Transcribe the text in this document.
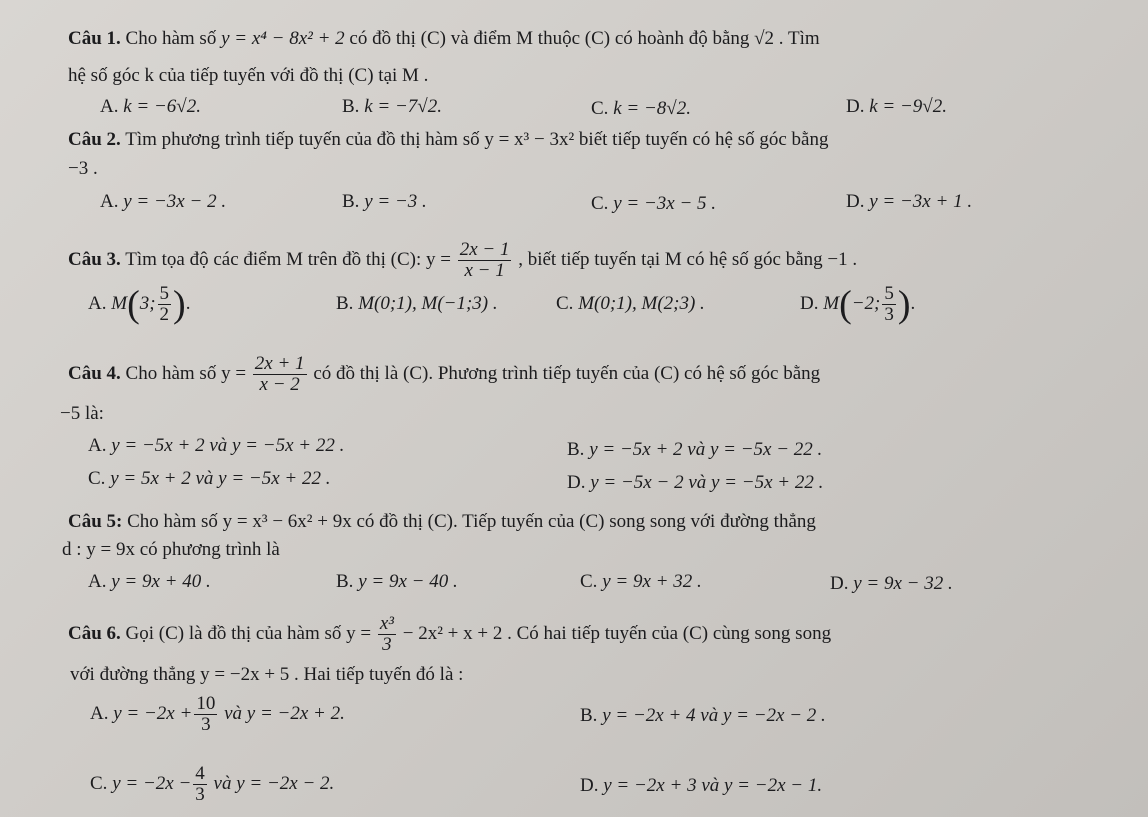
Câu 1. Cho hàm số y = x⁴ − 8x² + 2 có đồ thị (C) và điểm M thuộc (C) có hoành độ bằng √2 . Tìm
hệ số góc k của tiếp tuyến với đồ thị (C) tại M .
A. k = −6√2.	B. k = −7√2.	C. k = −8√2.	D. k = −9√2.
Câu 2. Tìm phương trình tiếp tuyến của đồ thị hàm số y = x³ − 3x² biết tiếp tuyến có hệ số góc bằng
−3 .
A. y = −3x − 2 .	B. y = −3 .	C. y = −3x − 5 .	D. y = −3x + 1 .
Câu 3. Tìm tọa độ các điểm M trên đồ thị (C): $y = \frac{2x - 1}{x - 1}$ , biết tiếp tuyến tại M có hệ số góc bằng −1 .
A. M(3; $\frac{5}{2}$ ).	B. M(0;1), M(−1;3) .	C. M(0;1), M(2;3) .	D. M(−2; $\frac{5}{3}$ ).
Câu 4. Cho hàm số $y = \frac{2x + 1}{x - 2}$ có đồ thị là (C). Phương trình tiếp tuyến của (C) có hệ số góc bằng
−5 là:
A. y = −5x + 2 và y = −5x + 22 .	B. y = −5x + 2 và y = −5x − 22 .
C. y = 5x + 2 và y = −5x + 22 .	D. y = −5x − 2 và y = −5x + 22 .
Câu 5: Cho hàm số y = x³ − 6x² + 9x có đồ thị (C). Tiếp tuyến của (C) song song với đường thẳng
d : y = 9x có phương trình là
A. y = 9x + 40 .	B. y = 9x − 40 .	C. y = 9x + 32 .	D. y = 9x − 32 .
Câu 6. Gọi (C) là đồ thị của hàm số $y = \frac{\text{x³}}{3} - 2x^2 + x + 2$ . Có hai tiếp tuyến của (C) cùng song song
với đường thẳng y = −2x + 5 . Hai tiếp tuyến đó là :
A. $y = -2x + \frac{10}{3}$ và y = −2x + 2.	B. y = −2x + 4 và y = −2x − 2 .
C. $y = -2x - \frac{4}{3}$ và y = −2x − 2.	D. y = −2x + 3 và y = −2x − 1.
